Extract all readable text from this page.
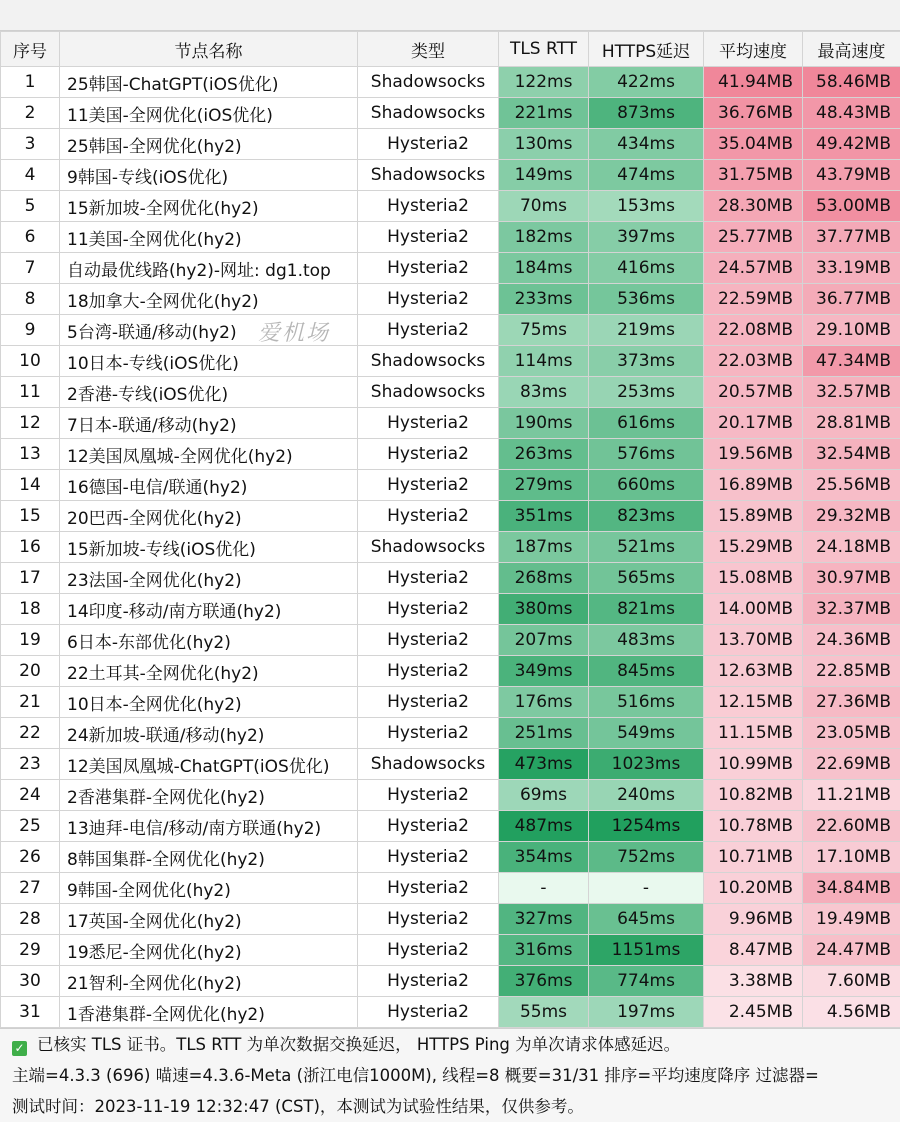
序号	节点名称	类型	TLS RTT	HTTPS延迟	平均速度	最高速度
1	25韩国-ChatGPT(iOS优化)	Shadowsocks	122ms	422ms	41.94MB	58.46MB
2	11美国-全网优化(iOS优化)	Shadowsocks	221ms	873ms	36.76MB	48.43MB
3	25韩国-全网优化(hy2)	Hysteria2	130ms	434ms	35.04MB	49.42MB
4	9韩国-专线(iOS优化)	Shadowsocks	149ms	474ms	31.75MB	43.79MB
5	15新加坡-全网优化(hy2)	Hysteria2	70ms	153ms	28.30MB	53.00MB
6	11美国-全网优化(hy2)	Hysteria2	182ms	397ms	25.77MB	37.77MB
7	自动最优线路(hy2)-网址: dg1.top	Hysteria2	184ms	416ms	24.57MB	33.19MB
8	18加拿大-全网优化(hy2)	Hysteria2	233ms	536ms	22.59MB	36.77MB
9	5台湾-联通/移动(hy2)	Hysteria2	75ms	219ms	22.08MB	29.10MB
10	10日本-专线(iOS优化)	Shadowsocks	114ms	373ms	22.03MB	47.34MB
11	2香港-专线(iOS优化)	Shadowsocks	83ms	253ms	20.57MB	32.57MB
12	7日本-联通/移动(hy2)	Hysteria2	190ms	616ms	20.17MB	28.81MB
13	12美国凤凰城-全网优化(hy2)	Hysteria2	263ms	576ms	19.56MB	32.54MB
14	16德国-电信/联通(hy2)	Hysteria2	279ms	660ms	16.89MB	25.56MB
15	20巴西-全网优化(hy2)	Hysteria2	351ms	823ms	15.89MB	29.32MB
16	15新加坡-专线(iOS优化)	Shadowsocks	187ms	521ms	15.29MB	24.18MB
17	23法国-全网优化(hy2)	Hysteria2	268ms	565ms	15.08MB	30.97MB
18	14印度-移动/南方联通(hy2)	Hysteria2	380ms	821ms	14.00MB	32.37MB
19	6日本-东部优化(hy2)	Hysteria2	207ms	483ms	13.70MB	24.36MB
20	22土耳其-全网优化(hy2)	Hysteria2	349ms	845ms	12.63MB	22.85MB
21	10日本-全网优化(hy2)	Hysteria2	176ms	516ms	12.15MB	27.36MB
22	24新加坡-联通/移动(hy2)	Hysteria2	251ms	549ms	11.15MB	23.05MB
23	12美国凤凰城-ChatGPT(iOS优化)	Shadowsocks	473ms	1023ms	10.99MB	22.69MB
24	2香港集群-全网优化(hy2)	Hysteria2	69ms	240ms	10.82MB	11.21MB
25	13迪拜-电信/移动/南方联通(hy2)	Hysteria2	487ms	1254ms	10.78MB	22.60MB
26	8韩国集群-全网优化(hy2)	Hysteria2	354ms	752ms	10.71MB	17.10MB
27	9韩国-全网优化(hy2)	Hysteria2	-	-	10.20MB	34.84MB
28	17英国-全网优化(hy2)	Hysteria2	327ms	645ms	9.96MB	19.49MB
29	19悉尼-全网优化(hy2)	Hysteria2	316ms	1151ms	8.47MB	24.47MB
30	21智利-全网优化(hy2)	Hysteria2	376ms	774ms	3.38MB	7.60MB
31	1香港集群-全网优化(hy2)	Hysteria2	55ms	197ms	2.45MB	4.56MB
爱机场
✓ 已核实 TLS 证书。TLS RTT 为单次数据交换延迟， HTTPS Ping 为单次请求体感延迟。
主端=4.3.3 (696) 喵速=4.3.6-Meta (浙江电信1000M), 线程=8 概要=31/31 排序=平均速度降序 过滤器=
测试时间：2023-11-19 12:32:47 (CST)，本测试为试验性结果，仅供参考。
